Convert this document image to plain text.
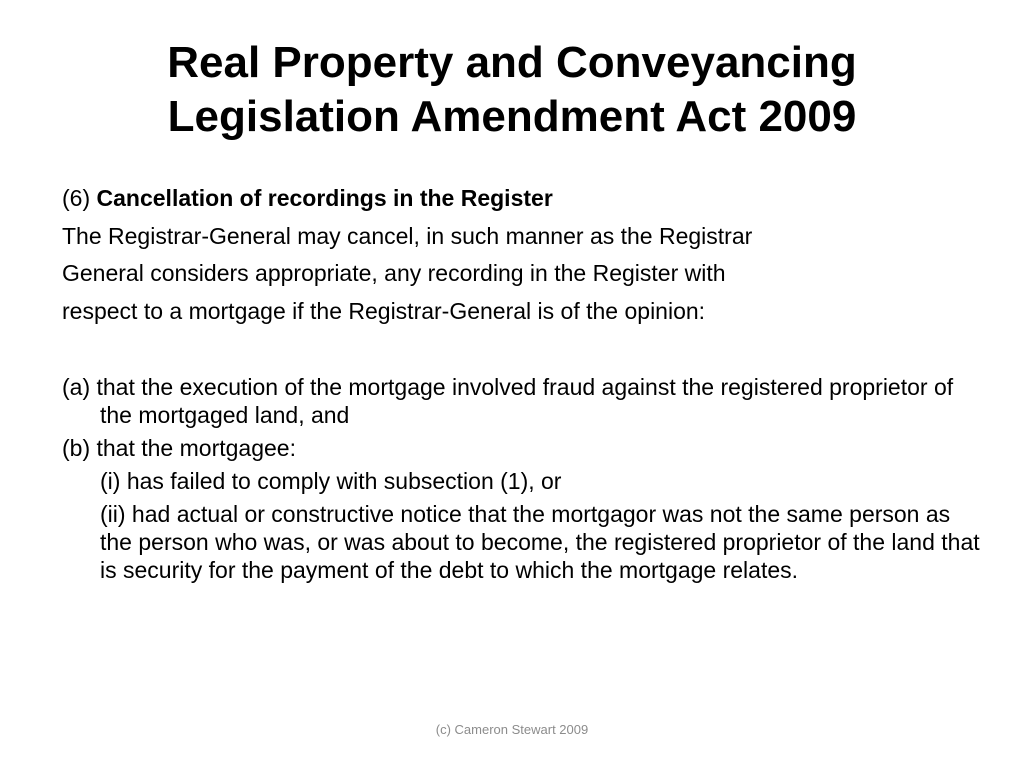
Real Property and Conveyancing
Legislation Amendment Act 2009
(6) Cancellation of recordings in the Register
The Registrar-General may cancel, in such manner as the Registrar
General considers appropriate, any recording in the Register with
respect to a mortgage if the Registrar-General is of the opinion:
(a) that the execution of the mortgage involved fraud against the registered proprietor of the mortgaged land, and
(b) that the mortgagee:
(i) has failed to comply with subsection (1), or
(ii) had actual or constructive notice that the mortgagor was not the same person as the person who was, or was about to become, the registered proprietor of the land that is security for the payment of the debt to which the mortgage relates.
(c) Cameron Stewart 2009
